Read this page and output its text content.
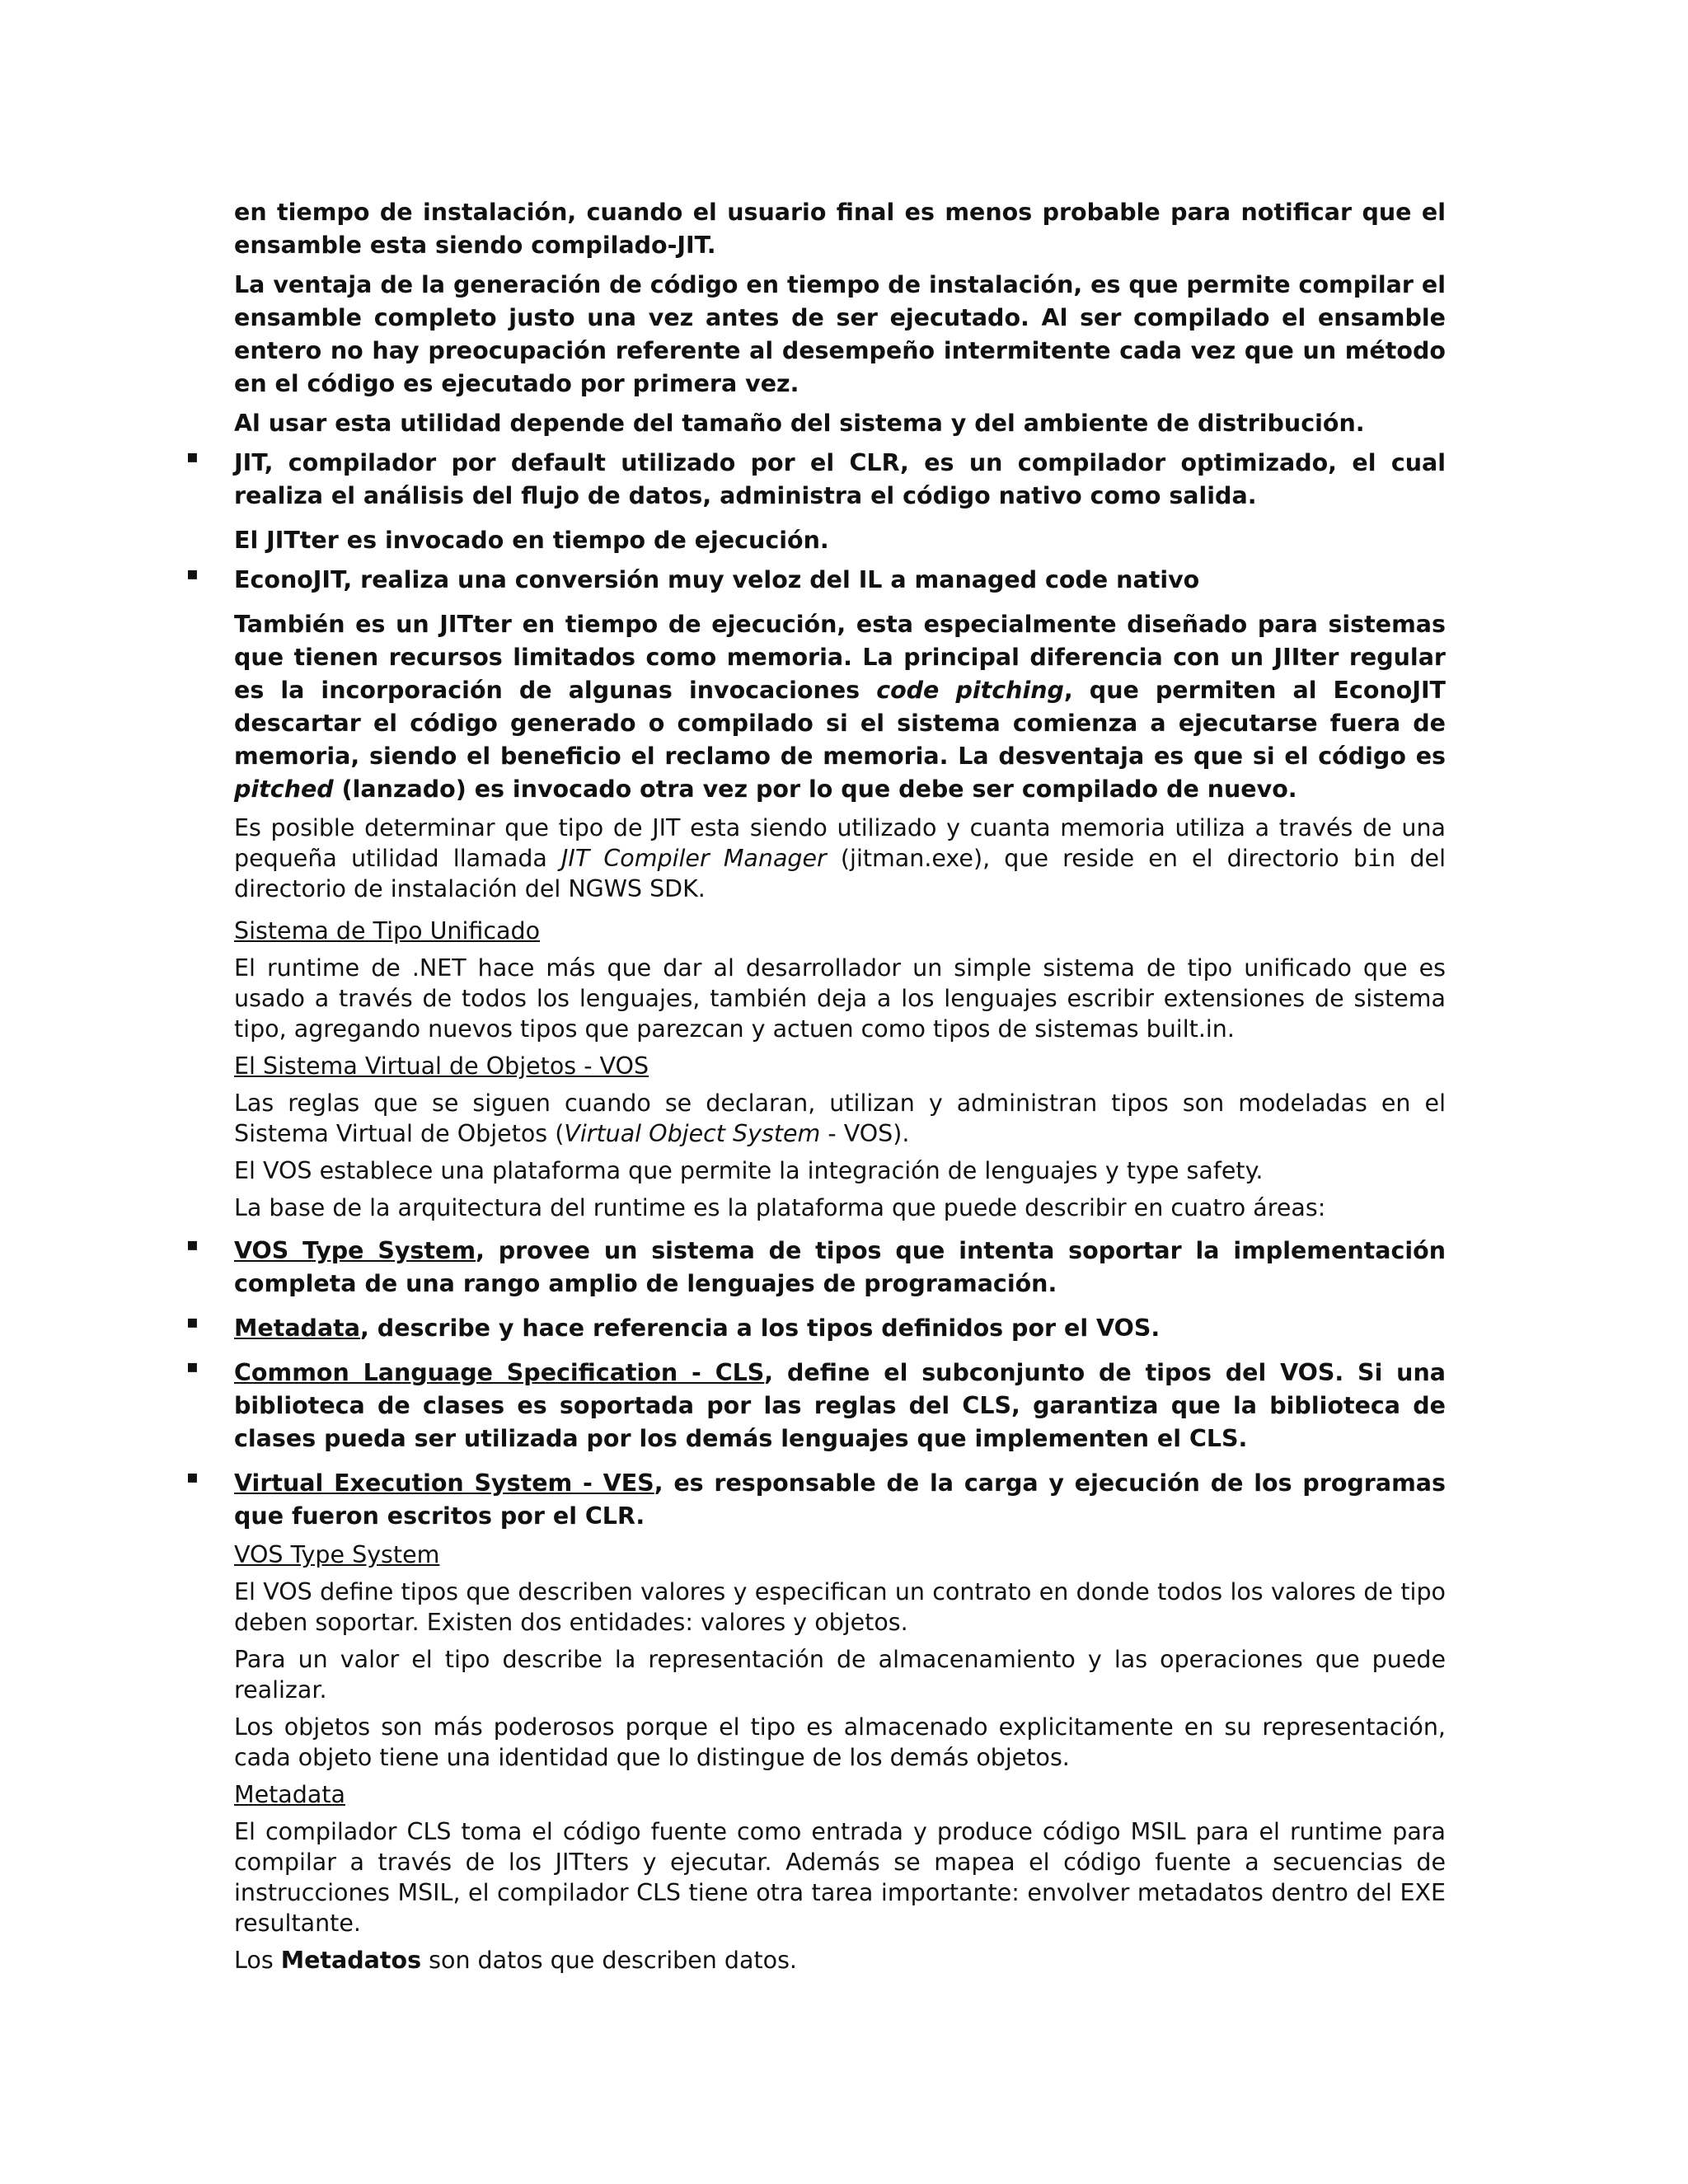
en tiempo de instalación, cuando el usuario final es menos probable para notificar que el ensamble esta siendo compilado-JIT.

La ventaja de la generación de código en tiempo de instalación, es que permite compilar el ensamble completo justo una vez antes de ser ejecutado. Al ser compilado el ensamble entero no hay preocupación referente al desempeño intermitente cada vez que un método en el código es ejecutado por primera vez.

Al usar esta utilidad depende del tamaño del sistema y del ambiente de distribución.

▪ JIT, compilador por default utilizado por el CLR, es un compilador optimizado, el cual realiza el análisis del flujo de datos, administra el código nativo como salida.

El JITter es invocado en tiempo de ejecución.

▪ EconoJIT, realiza una conversión muy veloz del IL a managed code nativo

También es un JITter en tiempo de ejecución, esta especialmente diseñado para sistemas que tienen recursos limitados como memoria. La principal diferencia con un JIIter regular es la incorporación de algunas invocaciones code pitching, que permiten al EconoJIT descartar el código generado o compilado si el sistema comienza a ejecutarse fuera de memoria, siendo el beneficio el reclamo de memoria. La desventaja es que si el código es pitched (lanzado) es invocado otra vez por lo que debe ser compilado de nuevo.

Es posible determinar que tipo de JIT esta siendo utilizado y cuanta memoria utiliza a través de una pequeña utilidad llamada JIT Compiler Manager (jitman.exe), que reside en el directorio bin del directorio de instalación del NGWS SDK.

Sistema de Tipo Unificado

El runtime de .NET hace más que dar al desarrollador un simple sistema de tipo unificado que es usado a través de todos los lenguajes, también deja a los lenguajes escribir extensiones de sistema tipo, agregando nuevos tipos que parezcan y actuen como tipos de sistemas built.in.

El Sistema Virtual de Objetos - VOS

Las reglas que se siguen cuando se declaran, utilizan y administran tipos son modeladas en el Sistema Virtual de Objetos (Virtual Object System - VOS).

El VOS establece una plataforma que permite la integración de lenguajes y type safety.

La base de la arquitectura del runtime es la plataforma que puede describir en cuatro áreas:

▪ VOS Type System, provee un sistema de tipos que intenta soportar la implementación completa de una rango amplio de lenguajes de programación.

▪ Metadata, describe y hace referencia a los tipos definidos por el VOS.

▪ Common Language Specification - CLS, define el subconjunto de tipos del VOS. Si una biblioteca de clases es soportada por las reglas del CLS, garantiza que la biblioteca de clases pueda ser utilizada por los demás lenguajes que implementen el CLS.

▪ Virtual Execution System - VES, es responsable de la carga y ejecución de los programas que fueron escritos por el CLR.

VOS Type System

El VOS define tipos que describen valores y especifican un contrato en donde todos los valores de tipo deben soportar. Existen dos entidades: valores y objetos.

Para un valor el tipo describe la representación de almacenamiento y las operaciones que puede realizar.

Los objetos son más poderosos porque el tipo es almacenado explicitamente en su representación, cada objeto tiene una identidad que lo distingue de los demás objetos.

Metadata

El compilador CLS toma el código fuente como entrada y produce código MSIL para el runtime para compilar a través de los JITters y ejecutar. Además se mapea el código fuente a secuencias de instrucciones MSIL, el compilador CLS tiene otra tarea importante: envolver metadatos dentro del EXE resultante.

Los Metadatos son datos que describen datos.
